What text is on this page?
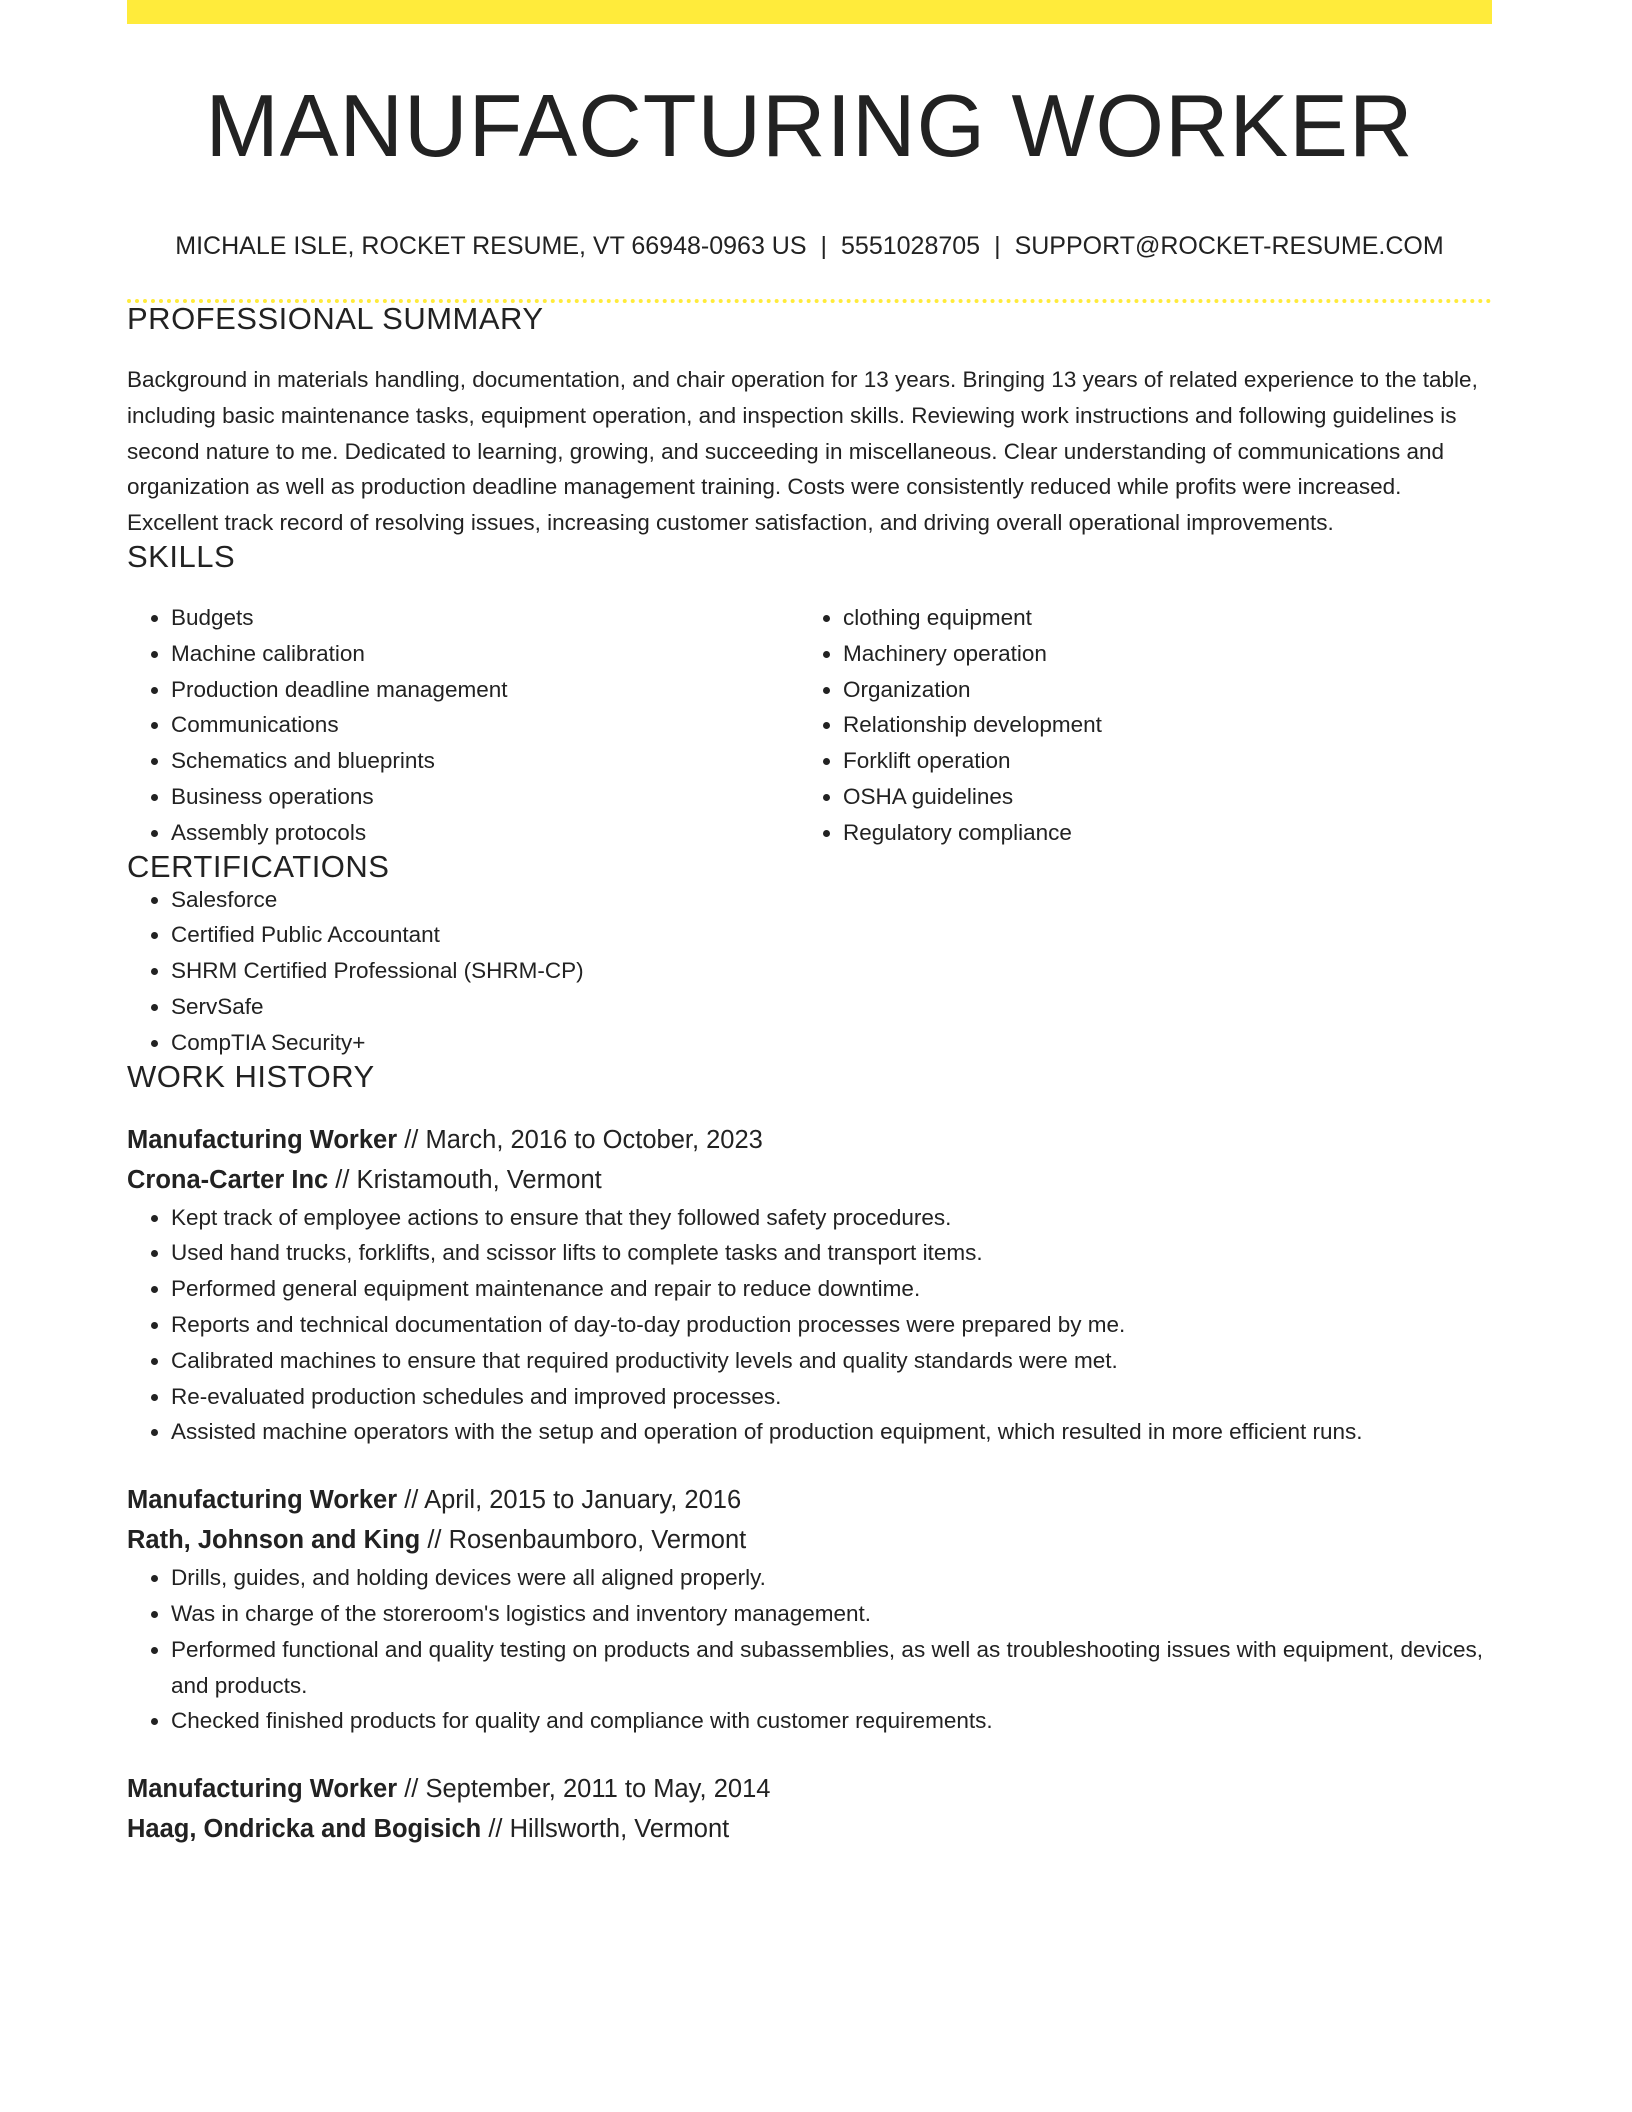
MANUFACTURING WORKER
MICHALE ISLE, ROCKET RESUME, VT 66948-0963 US | 5551028705 | SUPPORT@ROCKET-RESUME.COM
PROFESSIONAL SUMMARY

Background in materials handling, documentation, and chair operation for 13 years. Bringing 13 years of related experience to the table, including basic maintenance tasks, equipment operation, and inspection skills. Reviewing work instructions and following guidelines is second nature to me. Dedicated to learning, growing, and succeeding in miscellaneous. Clear understanding of communications and organization as well as production deadline management training. Costs were consistently reduced while profits were increased. Excellent track record of resolving issues, increasing customer satisfaction, and driving overall operational improvements.

SKILLS
• Budgets
• Machine calibration
• Production deadline management
• Communications
• Schematics and blueprints
• Business operations
• Assembly protocols
• clothing equipment
• Machinery operation
• Organization
• Relationship development
• Forklift operation
• OSHA guidelines
• Regulatory compliance
CERTIFICATIONS
• Salesforce
• Certified Public Accountant
• SHRM Certified Professional (SHRM-CP)
• ServSafe
• CompTIA Security+
WORK HISTORY
Manufacturing Worker // March, 2016 to October, 2023
Crona-Carter Inc // Kristamouth, Vermont
• Kept track of employee actions to ensure that they followed safety procedures.
• Used hand trucks, forklifts, and scissor lifts to complete tasks and transport items.
• Performed general equipment maintenance and repair to reduce downtime.
• Reports and technical documentation of day-to-day production processes were prepared by me.
• Calibrated machines to ensure that required productivity levels and quality standards were met.
• Re-evaluated production schedules and improved processes.
• Assisted machine operators with the setup and operation of production equipment, which resulted in more efficient runs.
Manufacturing Worker // April, 2015 to January, 2016
Rath, Johnson and King // Rosenbaumboro, Vermont
• Drills, guides, and holding devices were all aligned properly.
• Was in charge of the storeroom's logistics and inventory management.
• Performed functional and quality testing on products and subassemblies, as well as troubleshooting issues with equipment, devices, and products.
• Checked finished products for quality and compliance with customer requirements.
Manufacturing Worker // September, 2011 to May, 2014
Haag, Ondricka and Bogisich // Hillsworth, Vermont
